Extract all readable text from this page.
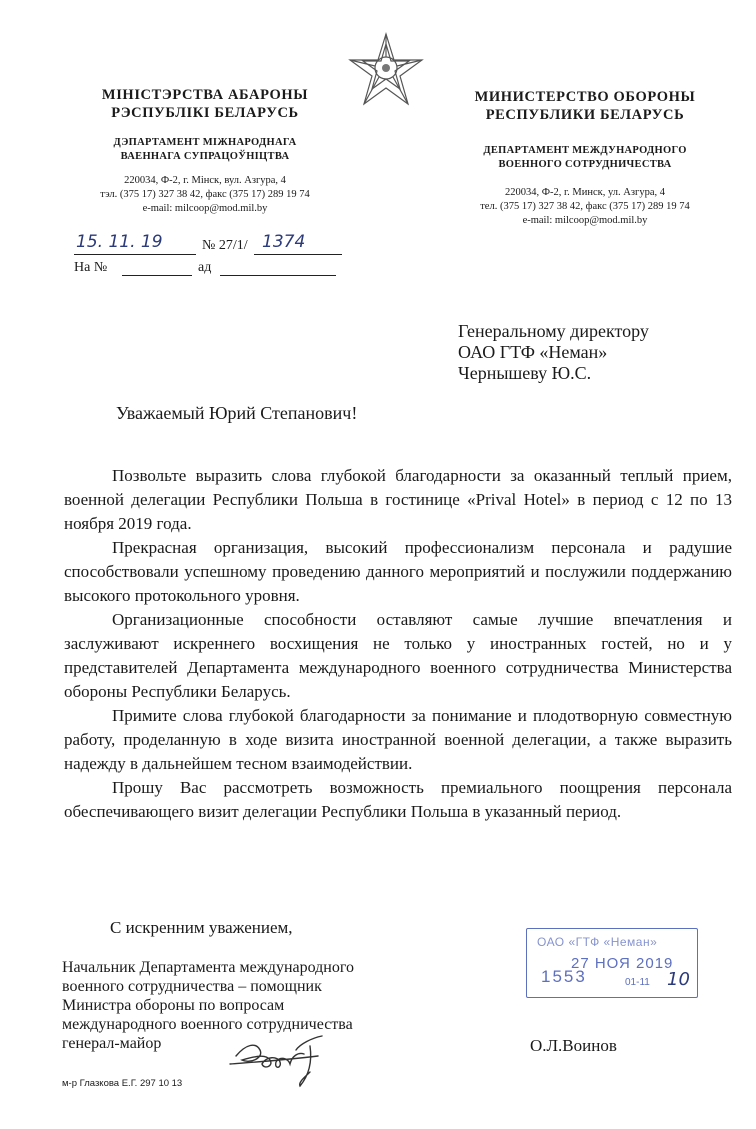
МІНІСТЭРСТВА АБАРОНЫ
РЭСПУБЛІКІ БЕЛАРУСЬ
ДЭПАРТАМЕНТ МІЖНАРОДНАГА
ВАЕННАГА СУПРАЦОЎНІЦТВА
220034, Ф-2, г. Мінск, вул. Азгура, 4
тэл. (375 17) 327 38 42, факс (375 17) 289 19 74
e-mail: milcoop@mod.mil.by
МИНИСТЕРСТВО ОБОРОНЫ
РЕСПУБЛИКИ БЕЛАРУСЬ
ДЕПАРТАМЕНТ МЕЖДУНАРОДНОГО
ВОЕННОГО СОТРУДНИЧЕСТВА
220034, Ф-2, г. Минск, ул. Азгура, 4
тел. (375 17) 327 38 42, факс (375 17) 289 19 74
e-mail: milcoop@mod.mil.by
15. 11. 19	№ 27/1/ 1374
На №	ад
Генеральному директору
ОАО ГТФ «Неман»
Чернышеву Ю.С.
Уважаемый Юрий Степанович!

Позвольте выразить слова глубокой благодарности за оказанный теплый прием, военной делегации Республики Польша в гостинице «Prival Hotel» в период с 12 по 13 ноября 2019 года.

Прекрасная организация, высокий профессионализм персонала и радушие способствовали успешному проведению данного мероприятий и послужили поддержанию высокого протокольного уровня.

Организационные способности оставляют самые лучшие впечатления и заслуживают искреннего восхищения не только у иностранных гостей, но и у представителей Департамента международного военного сотрудничества Министерства обороны Республики Беларусь.

Примите слова глубокой благодарности за понимание и плодотворную совместную работу, проделанную в ходе визита иностранной военной делегации, а также выразить надежду в дальнейшем тесном взаимодействии.

Прошу Вас рассмотреть возможность премиального поощрения персонала обеспечивающего визит делегации Республики Польша в указанный период.

С искренним уважением,
Начальник Департамента международного
военного сотрудничества – помощник
Министра обороны по вопросам
международного военного сотрудничества
генерал-майор	О.Л.Воинов
ОАО «ГТФ «Неман»
1553
27 НОЯ 2019
01-11 10
м-р Глазкова Е.Г. 297 10 13
